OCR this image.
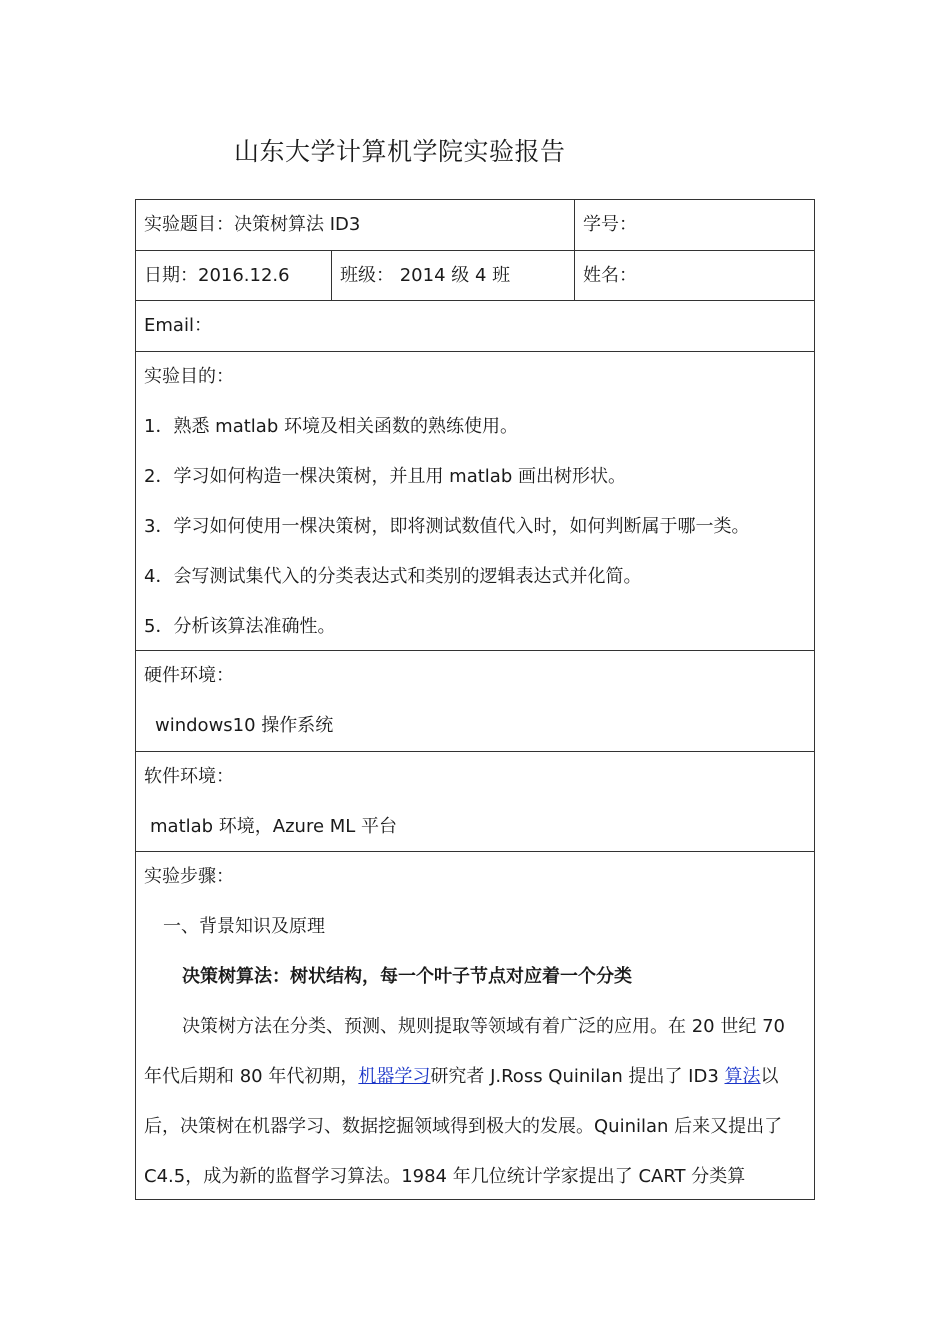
山东大学计算机学院实验报告
实验题目：决策树算法 ID3	学号：
日期：2016.12.6	班级： 2014 级 4 班	姓名：
Email：
实验目的：
1．熟悉 matlab 环境及相关函数的熟练使用。
2．学习如何构造一棵决策树，并且用 matlab 画出树形状。
3．学习如何使用一棵决策树，即将测试数值代入时，如何判断属于哪一类。
4．会写测试集代入的分类表达式和类别的逻辑表达式并化简。
5．分析该算法准确性。
硬件环境：
windows10 操作系统
软件环境：
matlab 环境，Azure ML 平台
实验步骤：
一、背景知识及原理
决策树算法：树状结构，每一个叶子节点对应着一个分类
决策树方法在分类、预测、规则提取等领域有着广泛的应用。在 20 世纪 70
年代后期和 80 年代初期，机器学习研究者 J.Ross Quinilan 提出了 ID3 算法以
后，决策树在机器学习、数据挖掘领域得到极大的发展。Quinilan 后来又提出了
C4.5，成为新的监督学习算法。1984 年几位统计学家提出了 CART 分类算
